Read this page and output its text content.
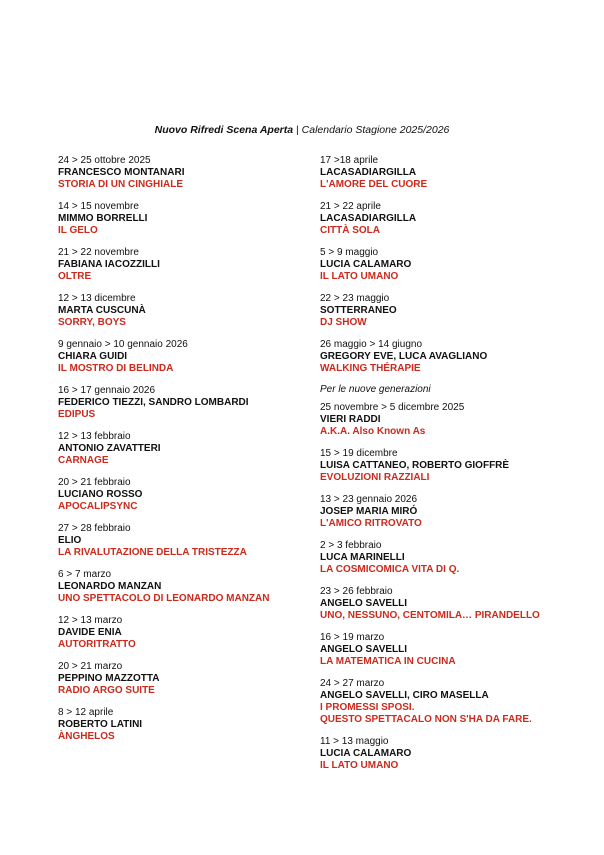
Nuovo Rifredi Scena Aperta | Calendario Stagione 2025/2026
24 > 25 ottobre 2025
FRANCESCO MONTANARI
STORIA DI UN CINGHIALE
14 > 15 novembre
MIMMO BORRELLI
IL GELO
21 > 22 novembre
FABIANA IACOZZILLI
OLTRE
12 > 13 dicembre
MARTA CUSCUNÀ
SORRY, BOYS
9 gennaio > 10 gennaio 2026
CHIARA GUIDI
IL MOSTRO DI BELINDA
16 > 17 gennaio 2026
FEDERICO TIEZZI, SANDRO LOMBARDI
EDIPUS
12 > 13 febbraio
ANTONIO ZAVATTERI
CARNAGE
20 > 21 febbraio
LUCIANO ROSSO
APOCALIPSYNC
27 > 28 febbraio
ELIO
LA RIVALUTAZIONE DELLA TRISTEZZA
6 > 7 marzo
LEONARDO MANZAN
UNO SPETTACOLO DI LEONARDO MANZAN
12 > 13 marzo
DAVIDE ENIA
AUTORITRATTO
20 > 21 marzo
PEPPINO MAZZOTTA
RADIO ARGO SUITE
8 > 12 aprile
ROBERTO LATINI
ÀNGHELOS
17 >18 aprile
LACASADIARGILLA
L'AMORE DEL CUORE
21 > 22 aprile
LACASADIARGILLA
CITTÀ SOLA
5 > 9 maggio
LUCIA CALAMARO
IL LATO UMANO
22 > 23 maggio
SOTTERRANEO
DJ SHOW
26 maggio > 14 giugno
GREGORY EVE, LUCA AVAGLIANO
WALKING THÉRAPIE
Per le nuove generazioni
25 novembre > 5 dicembre 2025
VIERI RADDI
A.K.A. Also Known As
15 > 19 dicembre
LUISA CATTANEO, ROBERTO GIOFFRÈ
EVOLUZIONI RAZZIALI
13 > 23 gennaio 2026
JOSEP MARIA MIRÓ
L'AMICO RITROVATO
2 > 3 febbraio
LUCA MARINELLI
LA COSMICOMICA VITA DI Q.
23 > 26 febbraio
ANGELO SAVELLI
UNO, NESSUNO, CENTOMILA… PIRANDELLO
16 > 19 marzo
ANGELO SAVELLI
LA MATEMATICA IN CUCINA
24 > 27 marzo
ANGELO SAVELLI, CIRO MASELLA
I PROMESSI SPOSI.
QUESTO SPETTACALO NON S'HA DA FARE.
11 > 13 maggio
LUCIA CALAMARO
IL LATO UMANO
